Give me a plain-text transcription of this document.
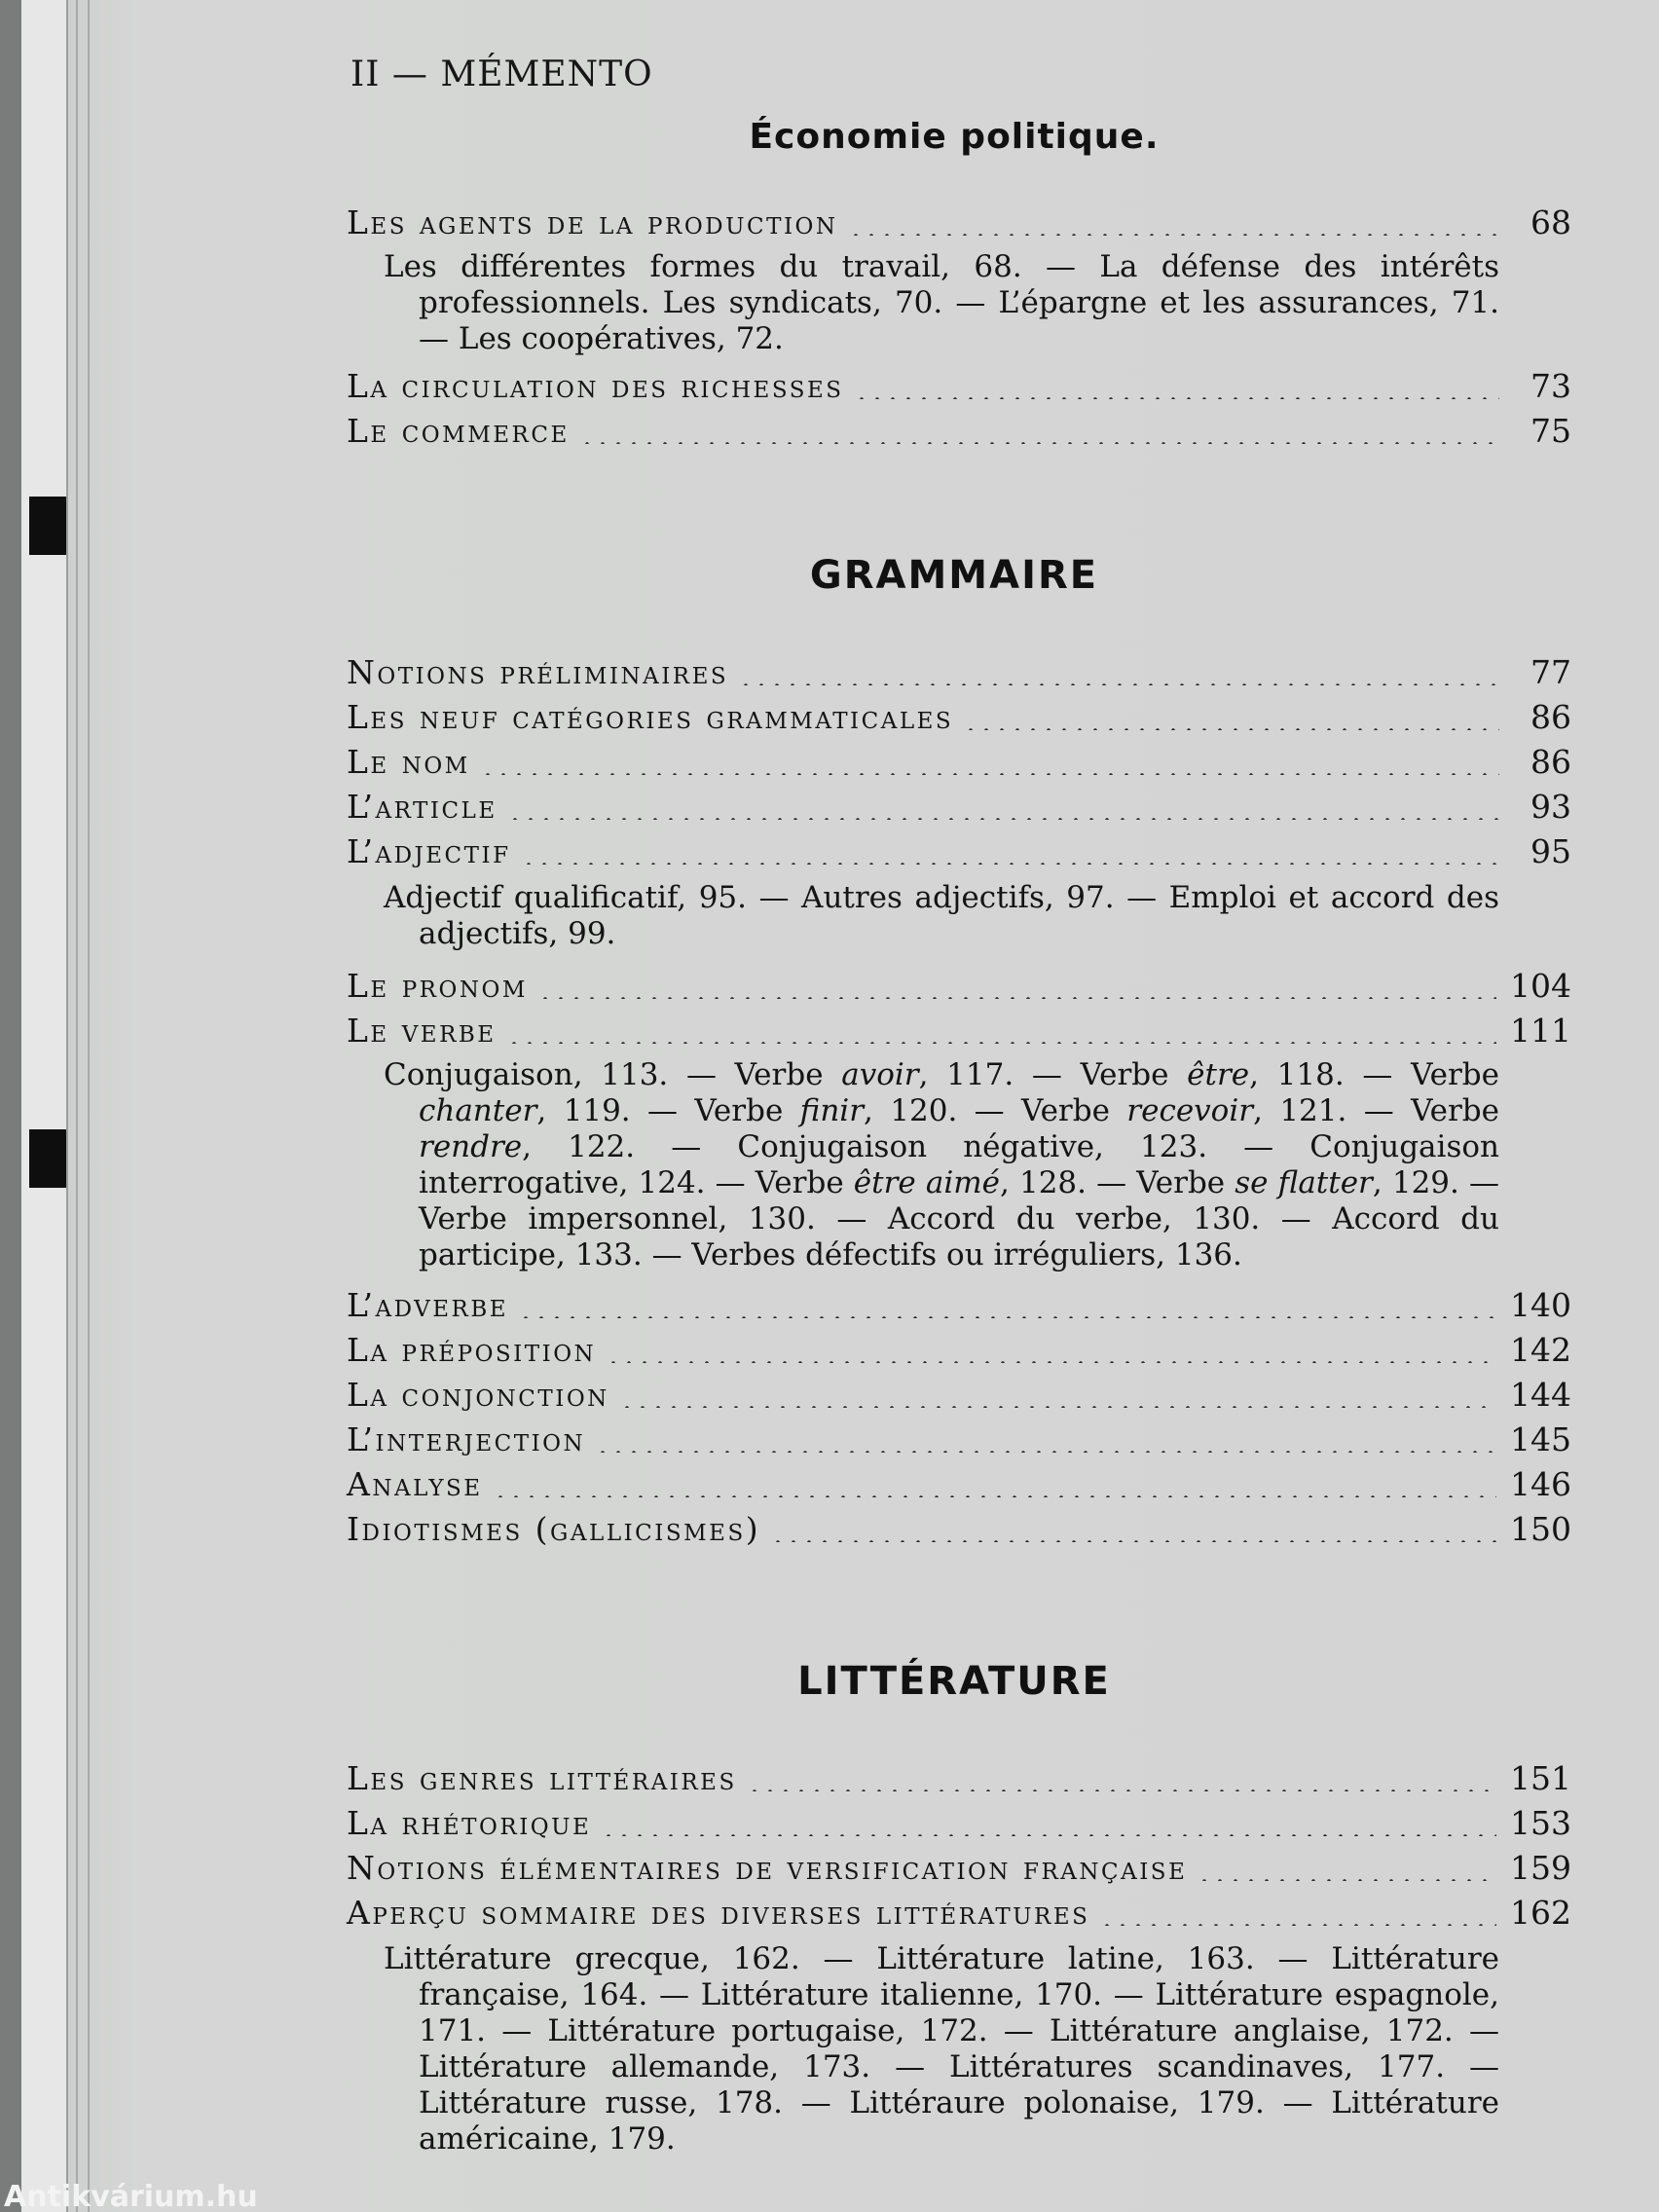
II — MÉMENTO
Économie politique.
Les agents de la production	68
Les différentes formes du travail, 68. — La défense des intérêts professionnels. Les syndicats, 70. — L’épargne et les assurances, 71. — Les coopératives, 72.
La circulation des richesses	73
Le commerce	75
GRAMMAIRE
Notions préliminaires	77
Les neuf catégories grammaticales	86
Le nom	86
L’article	93
L’adjectif	95
Adjectif qualificatif, 95. — Autres adjectifs, 97. — Emploi et accord des adjectifs, 99.
Le pronom	104
Le verbe	111
Conjugaison, 113. — Verbe avoir, 117. — Verbe être, 118. — Verbe chanter, 119. — Verbe finir, 120. — Verbe recevoir, 121. — Verbe rendre, 122. — Conjugaison négative, 123. — Conjugaison interrogative, 124. — Verbe être aimé, 128. — Verbe se flatter, 129. — Verbe impersonnel, 130. — Accord du verbe, 130. — Accord du participe, 133. — Verbes défectifs ou irréguliers, 136.
L’adverbe	140
La préposition	142
La conjonction	144
L’interjection	145
Analyse	146
Idiotismes (gallicismes)	150
LITTÉRATURE
Les genres littéraires	151
La rhétorique	153
Notions élémentaires de versification française	159
Aperçu sommaire des diverses littératures	162
Littérature grecque, 162. — Littérature latine, 163. — Littérature française, 164. — Littérature italienne, 170. — Littérature espagnole, 171. — Littérature portugaise, 172. — Littérature anglaise, 172. — Littérature allemande, 173. — Littératures scandinaves, 177. — Littérature russe, 178. — Littéraure polonaise, 179. — Littérature américaine, 179.
Antikvárium.hu
